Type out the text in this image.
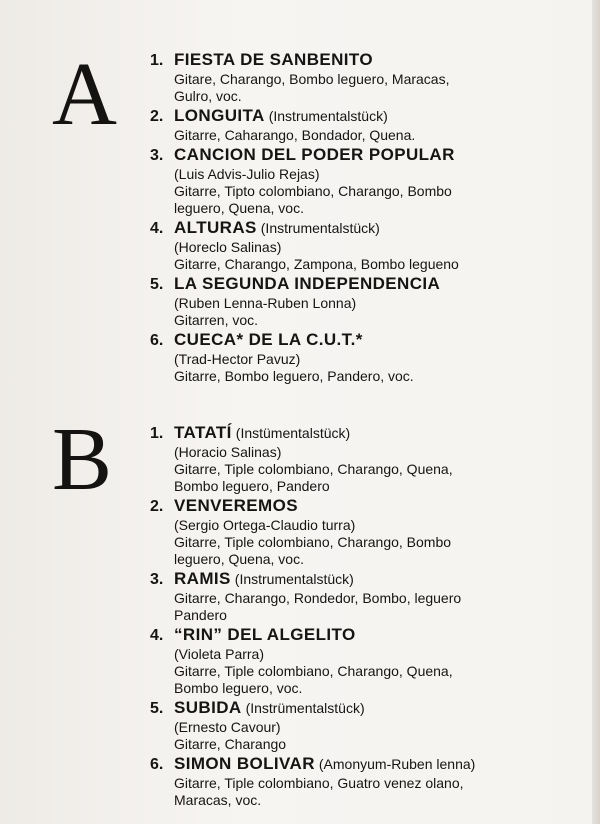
A 1. FIESTA DE SANBENITO
Gitare, Charango, Bombo leguero, Maracas,
Gulro, voc.
2. LONGUITA (Instrumentalstück)
Gitarre, Caharango, Bondador, Quena.
3. CANCION DEL PODER POPULAR
(Luis Advis-Julio Rejas)
Gitarre, Tipto colombiano, Charango, Bombo
leguero, Quena, voc.
4. ALTURAS (Instrumentalstück)
(Horeclo Salinas)
Gitarre, Charango, Zampona, Bombo legueno
5. LA SEGUNDA INDEPENDENCIA
(Ruben Lenna-Ruben Lonna)
Gitarren, voc.
6. CUECA* DE LA C.U.T.*
(Trad-Hector Pavuz)
Gitarre, Bombo leguero, Pandero, voc.
B 1. TATATÍ (Instümentalstück)
(Horacio Salinas)
Gitarre, Tiple colombiano, Charango, Quena,
Bombo leguero, Pandero
2. VENVEREMOS
(Sergio Ortega-Claudio turra)
Gitarre, Tiple colombiano, Charango, Bombo
leguero, Quena, voc.
3. RAMIS (Instrumentalstück)
Gitarre, Charango, Rondedor, Bombo, leguero
Pandero
4. “RIN” DEL ALGELITO
(Violeta Parra)
Gitarre, Tiple colombiano, Charango, Quena,
Bombo leguero, voc.
5. SUBIDA (Instrümentalstück)
(Ernesto Cavour)
Gitarre, Charango
6. SIMON BOLIVAR (Amonyum-Ruben lenna)
Gitarre, Tiple colombiano, Guatro venez olano,
Maracas, voc.
